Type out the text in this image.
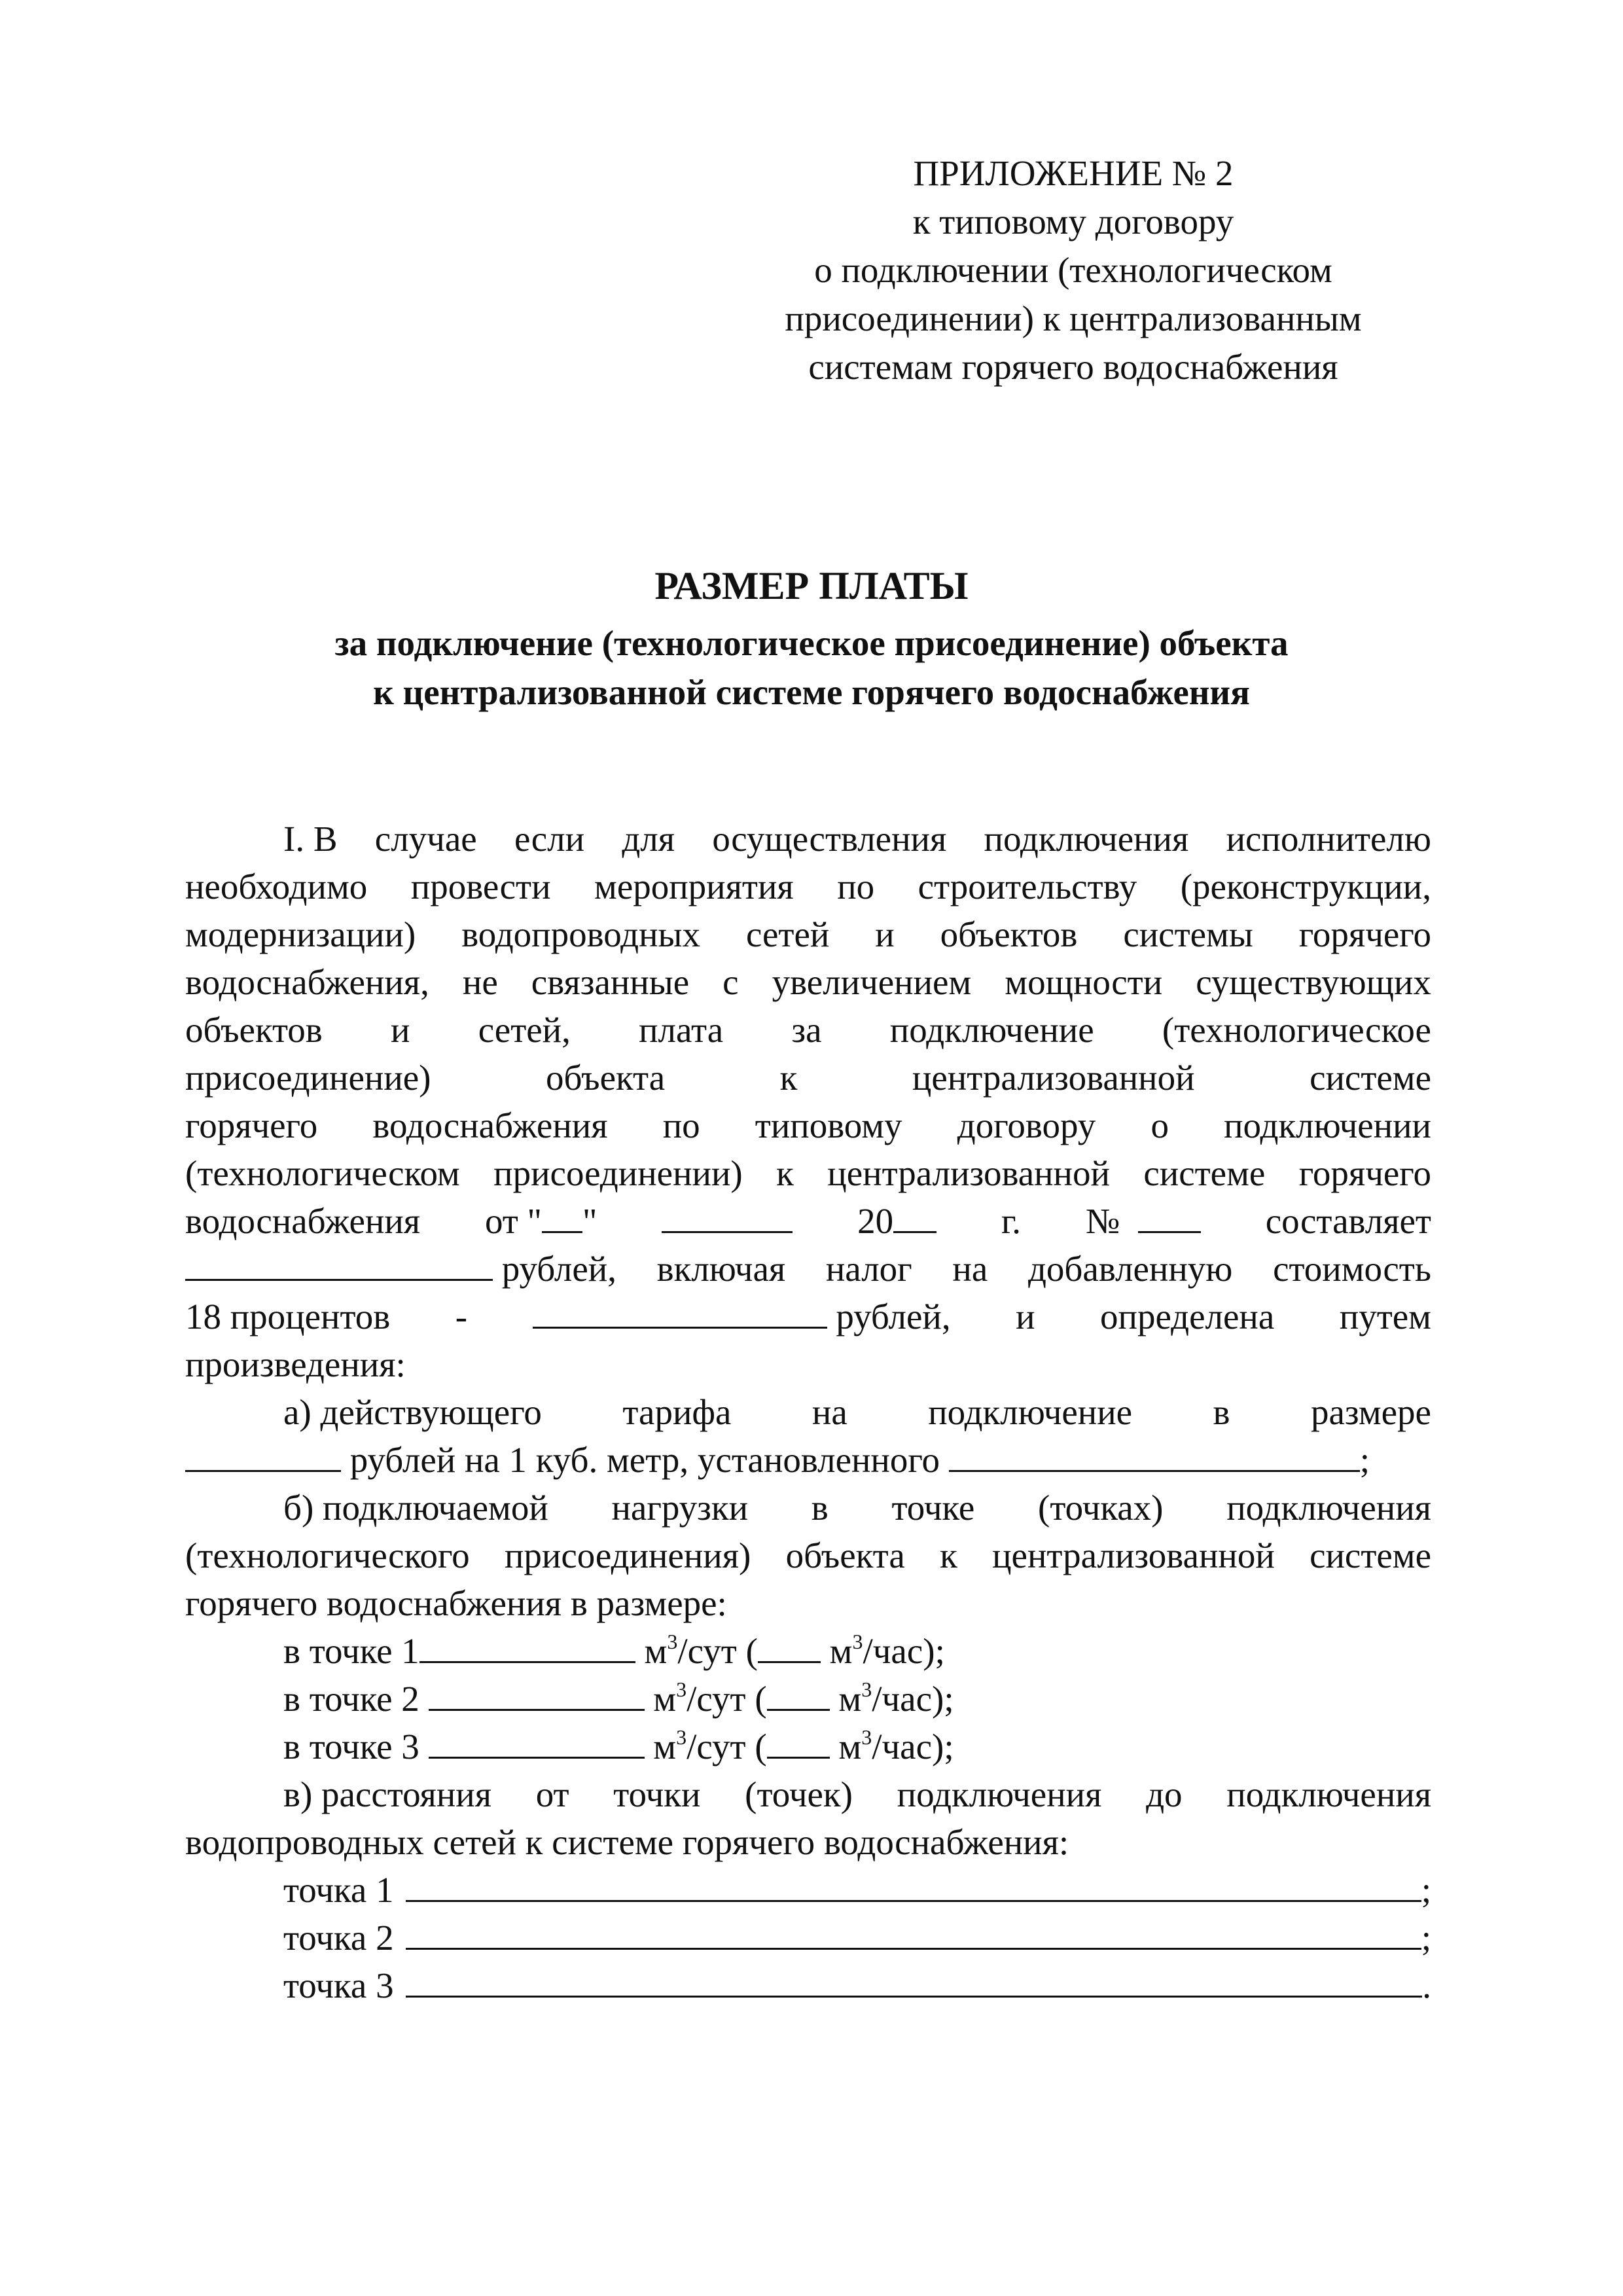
ПРИЛОЖЕНИЕ № 2
к типовому договору
о подключении (технологическом
присоединении) к централизованным
системам горячего водоснабжения
РАЗМЕР ПЛАТЫ
за подключение (технологическое присоединение) объекта
к централизованной системе горячего водоснабжения
I. В случае если для осуществления подключения исполнителю
необходимо провести мероприятия по строительству (реконструкции,
модернизации) водопроводных сетей и объектов системы горячего
водоснабжения, не связанные с увеличением мощности существующих
объектов и сетей, плата за подключение (технологическое
присоединение)	объекта	к	централизованной	системе
горячего водоснабжения по типовому договору о подключении
(технологическом присоединении) к централизованной системе горячего
водоснабжения от " "	20	г. №	составляет
рублей, включая налог на добавленную стоимость
18 процентов -	рублей, и определена путем
произведения:
а) действующего тарифа на подключение в размере
рублей на 1 куб. метр, установленного	;
б) подключаемой нагрузки в точке (точках) подключения
(технологического присоединения) объекта к централизованной системе
горячего водоснабжения в размере:
в точке 1	$м^3$/сут ( $м^3/час$);
в точке 2	$м^3$/сут ( $м^3/час$);
в точке 3	$м^3$/сут ( $м^3/час$);
в) расстояния от точки (точек) подключения до подключения
водопроводных сетей к системе горячего водоснабжения:
точка 1	;
точка 2	;
точка 3	.
